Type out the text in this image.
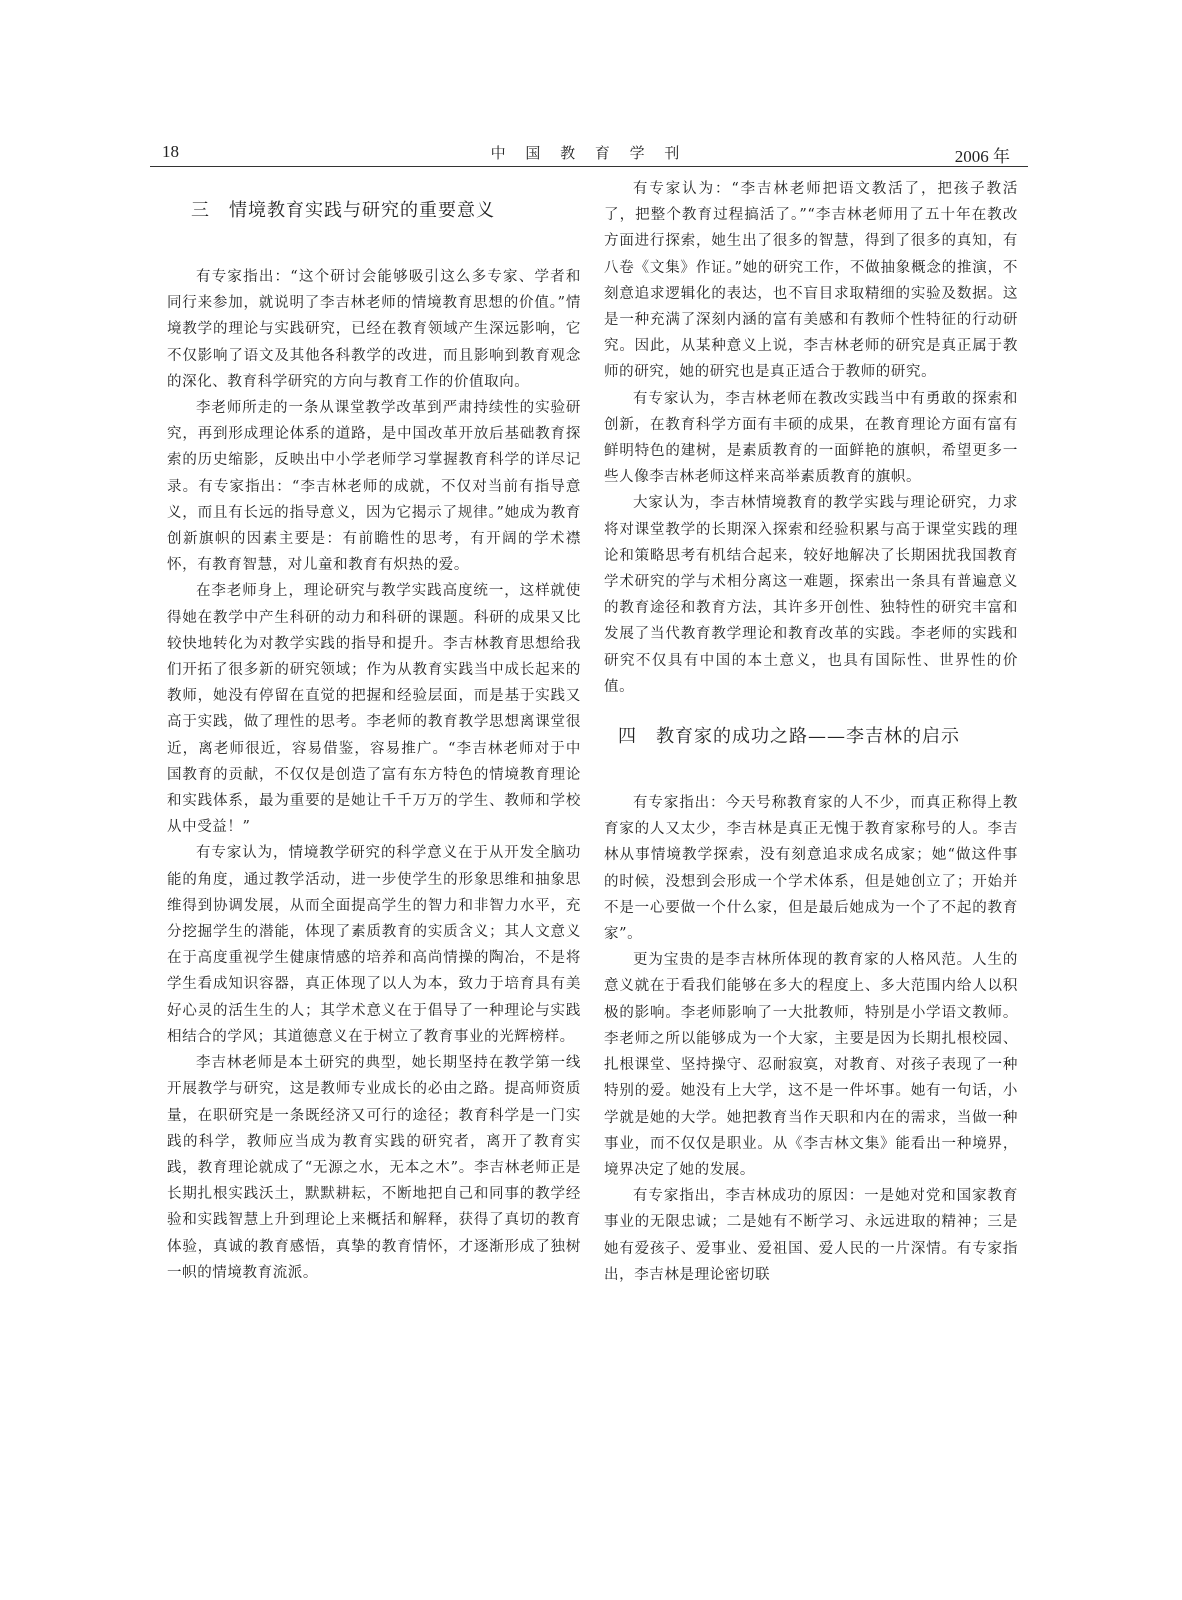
18	中 国 教 育 学 刊	2006 年
三　情境教育实践与研究的重要意义

有专家指出：“这个研讨会能够吸引这么多专家、学者和同行来参加，就说明了李吉林老师的情境教育思想的价值。”情境教学的理论与实践研究，已经在教育领域产生深远影响，它不仅影响了语文及其他各科教学的改进，而且影响到教育观念的深化、教育科学研究的方向与教育工作的价值取向。

李老师所走的一条从课堂教学改革到严肃持续性的实验研究，再到形成理论体系的道路，是中国改革开放后基础教育探索的历史缩影，反映出中小学老师学习掌握教育科学的详尽记录。有专家指出：“李吉林老师的成就，不仅对当前有指导意义，而且有长远的指导意义，因为它揭示了规律。”她成为教育创新旗帜的因素主要是：有前瞻性的思考，有开阔的学术襟怀，有教育智慧，对儿童和教育有炽热的爱。

在李老师身上，理论研究与教学实践高度统一，这样就使得她在教学中产生科研的动力和科研的课题。科研的成果又比较快地转化为对教学实践的指导和提升。李吉林教育思想给我们开拓了很多新的研究领域；作为从教育实践当中成长起来的教师，她没有停留在直觉的把握和经验层面，而是基于实践又高于实践，做了理性的思考。李老师的教育教学思想离课堂很近，离老师很近，容易借鉴，容易推广。“李吉林老师对于中国教育的贡献，不仅仅是创造了富有东方特色的情境教育理论和实践体系，最为重要的是她让千千万万的学生、教师和学校从中受益！”

有专家认为，情境教学研究的科学意义在于从开发全脑功能的角度，通过教学活动，进一步使学生的形象思维和抽象思维得到协调发展，从而全面提高学生的智力和非智力水平，充分挖掘学生的潜能，体现了素质教育的实质含义；其人文意义在于高度重视学生健康情感的培养和高尚情操的陶冶，不是将学生看成知识容器，真正体现了以人为本，致力于培育具有美好心灵的活生生的人；其学术意义在于倡导了一种理论与实践相结合的学风；其道德意义在于树立了教育事业的光辉榜样。

李吉林老师是本土研究的典型，她长期坚持在教学第一线开展教学与研究，这是教师专业成长的必由之路。提高师资质量，在职研究是一条既经济又可行的途径；教育科学是一门实践的科学，教师应当成为教育实践的研究者，离开了教育实践，教育理论就成了“无源之水，无本之木”。李吉林老师正是长期扎根实践沃土，默默耕耘，不断地把自己和同事的教学经验和实践智慧上升到理论上来概括和解释，获得了真切的教育体验，真诚的教育感悟，真挚的教育情怀，才逐渐形成了独树一帜的情境教育流派。

有专家认为：“李吉林老师把语文教活了，把孩子教活了，把整个教育过程搞活了。”“李吉林老师用了五十年在教改方面进行探索，她生出了很多的智慧，得到了很多的真知，有八卷《文集》作证。”她的研究工作，不做抽象概念的推演，不刻意追求逻辑化的表达，也不盲目求取精细的实验及数据。这是一种充满了深刻内涵的富有美感和有教师个性特征的行动研究。因此，从某种意义上说，李吉林老师的研究是真正属于教师的研究，她的研究也是真正适合于教师的研究。

有专家认为，李吉林老师在教改实践当中有勇敢的探索和创新，在教育科学方面有丰硕的成果，在教育理论方面有富有鲜明特色的建树，是素质教育的一面鲜艳的旗帜，希望更多一些人像李吉林老师这样来高举素质教育的旗帜。

大家认为，李吉林情境教育的教学实践与理论研究，力求将对课堂教学的长期深入探索和经验积累与高于课堂实践的理论和策略思考有机结合起来，较好地解决了长期困扰我国教育学术研究的学与术相分离这一难题，探索出一条具有普遍意义的教育途径和教育方法，其许多开创性、独特性的研究丰富和发展了当代教育教学理论和教育改革的实践。李老师的实践和研究不仅具有中国的本土意义，也具有国际性、世界性的价值。

四　教育家的成功之路——李吉林的启示

有专家指出：今天号称教育家的人不少，而真正称得上教育家的人又太少，李吉林是真正无愧于教育家称号的人。李吉林从事情境教学探索，没有刻意追求成名成家；她“做这件事的时候，没想到会形成一个学术体系，但是她创立了；开始并不是一心要做一个什么家，但是最后她成为一个了不起的教育家”。

更为宝贵的是李吉林所体现的教育家的人格风范。人生的意义就在于看我们能够在多大的程度上、多大范围内给人以积极的影响。李老师影响了一大批教师，特别是小学语文教师。李老师之所以能够成为一个大家，主要是因为长期扎根校园、扎根课堂、坚持操守、忍耐寂寞，对教育、对孩子表现了一种特别的爱。她没有上大学，这不是一件坏事。她有一句话，小学就是她的大学。她把教育当作天职和内在的需求，当做一种事业，而不仅仅是职业。从《李吉林文集》能看出一种境界，境界决定了她的发展。

有专家指出，李吉林成功的原因：一是她对党和国家教育事业的无限忠诚；二是她有不断学习、永远进取的精神；三是她有爱孩子、爱事业、爱祖国、爱人民的一片深情。有专家指出，李吉林是理论密切联
